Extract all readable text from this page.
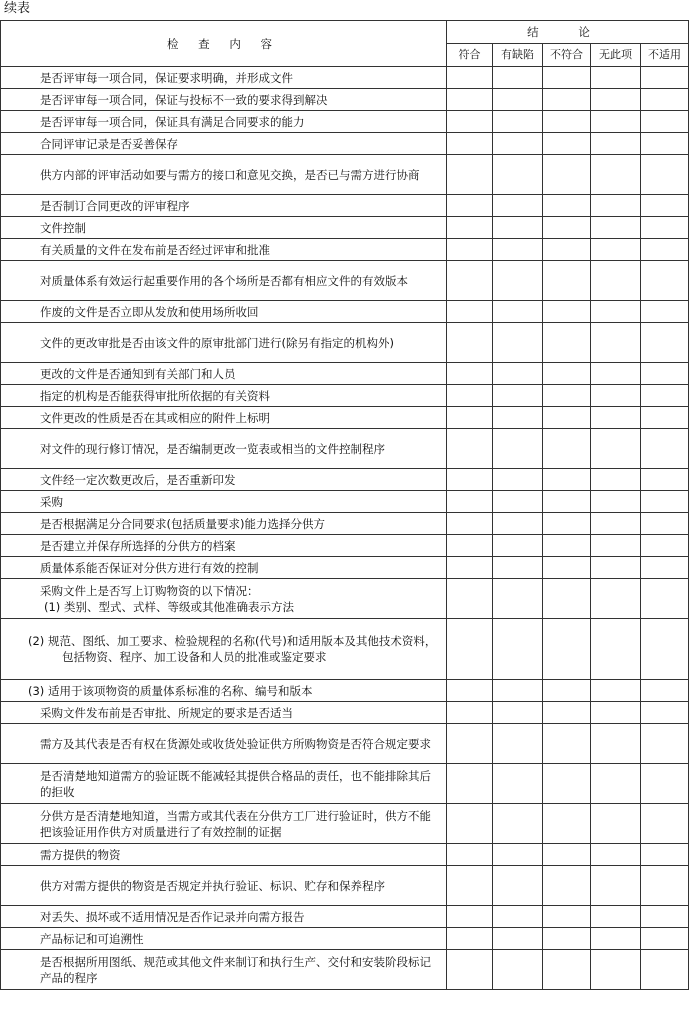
续表
检 查 内 容	结 论				
	符合	有缺陷	不符合	无此项	不适用

是否评审每一项合同，保证要求明确，并形成文件					

是否评审每一项合同，保证与投标不一致的要求得到解决					

是否评审每一项合同，保证具有满足合同要求的能力					

合同评审记录是否妥善保存					

供方内部的评审活动如要与需方的接口和意见交换，是否已与需方进行协商					

是否制订合同更改的评审程序					

文件控制					

有关质量的文件在发布前是否经过评审和批准					

对质量体系有效运行起重要作用的各个场所是否都有相应文件的有效版本					

作废的文件是否立即从发放和使用场所收回					

文件的更改审批是否由该文件的原审批部门进行(除另有指定的机构外)					

更改的文件是否通知到有关部门和人员					

指定的机构是否能获得审批所依据的有关资料					

文件更改的性质是否在其或相应的附件上标明					

对文件的现行修订情况，是否编制更改一览表或相当的文件控制程序					

文件经一定次数更改后，是否重新印发					

采购					

是否根据满足分合同要求(包括质量要求)能力选择分供方					

是否建立并保存所选择的分供方的档案					

质量体系能否保证对分供方进行有效的控制					

采购文件上是否写上订购物资的以下情况：
(1) 类别、型式、式样、等级或其他准确表示方法					

(2) 规范、图纸、加工要求、检验规程的名称(代号)和适用版本及其他技术资料，包括物资、程序、加工设备和人员的批准或鉴定要求					

(3) 适用于该项物资的质量体系标准的名称、编号和版本					

采购文件发布前是否审批、所规定的要求是否适当					

需方及其代表是否有权在货源处或收货处验证供方所购物资是否符合规定要求					

是否清楚地知道需方的验证既不能减轻其提供合格品的责任，也不能排除其后的拒收					

分供方是否清楚地知道，当需方或其代表在分供方工厂进行验证时，供方不能把该验证用作供方对质量进行了有效控制的证据					

需方提供的物资					

供方对需方提供的物资是否规定并执行验证、标识、贮存和保养程序					

对丢失、损坏或不适用情况是否作记录并向需方报告					

产品标记和可追溯性					

是否根据所用图纸、规范或其他文件来制订和执行生产、交付和安装阶段标记产品的程序					
